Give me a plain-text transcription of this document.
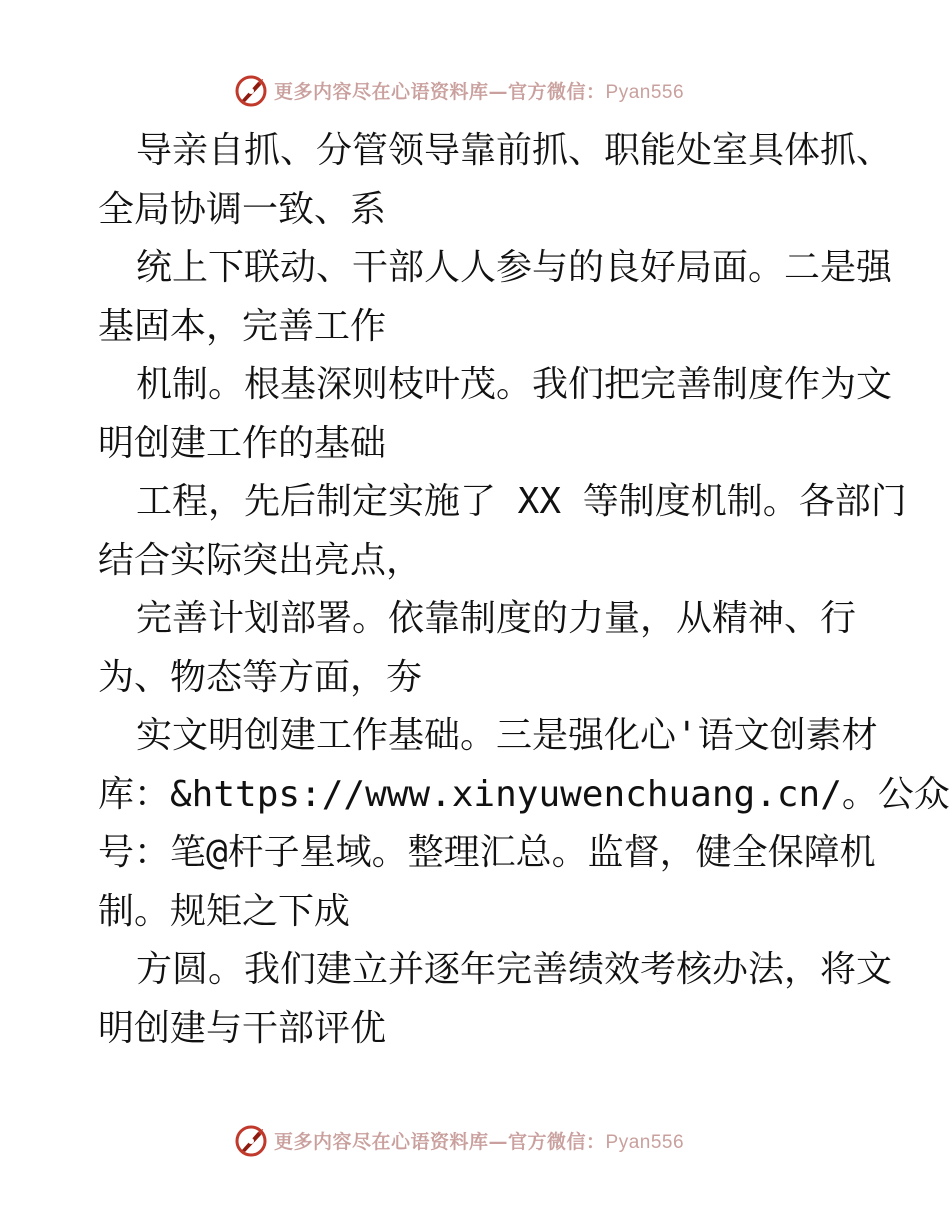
更多内容尽在心语资料库—官方微信：Pyan556
导亲自抓、分管领导靠前抓、职能处室具体抓、
全局协调一致、系
统上下联动、干部人人参与的良好局面。二是强
基固本，完善工作
机制。根基深则枝叶茂。我们把完善制度作为文
明创建工作的基础
工程，先后制定实施了 XX 等制度机制。各部门
结合实际突出亮点，
完善计划部署。依靠制度的力量，从精神、行
为、物态等方面，夯
实文明创建工作基础。三是强化心'语文创素材
库：&https://www.xinyuwenchuang.cn/。公众
号：笔@杆子星域。整理汇总。监督，健全保障机
制。规矩之下成
方圆。我们建立并逐年完善绩效考核办法，将文
明创建与干部评优
更多内容尽在心语资料库—官方微信：Pyan556
